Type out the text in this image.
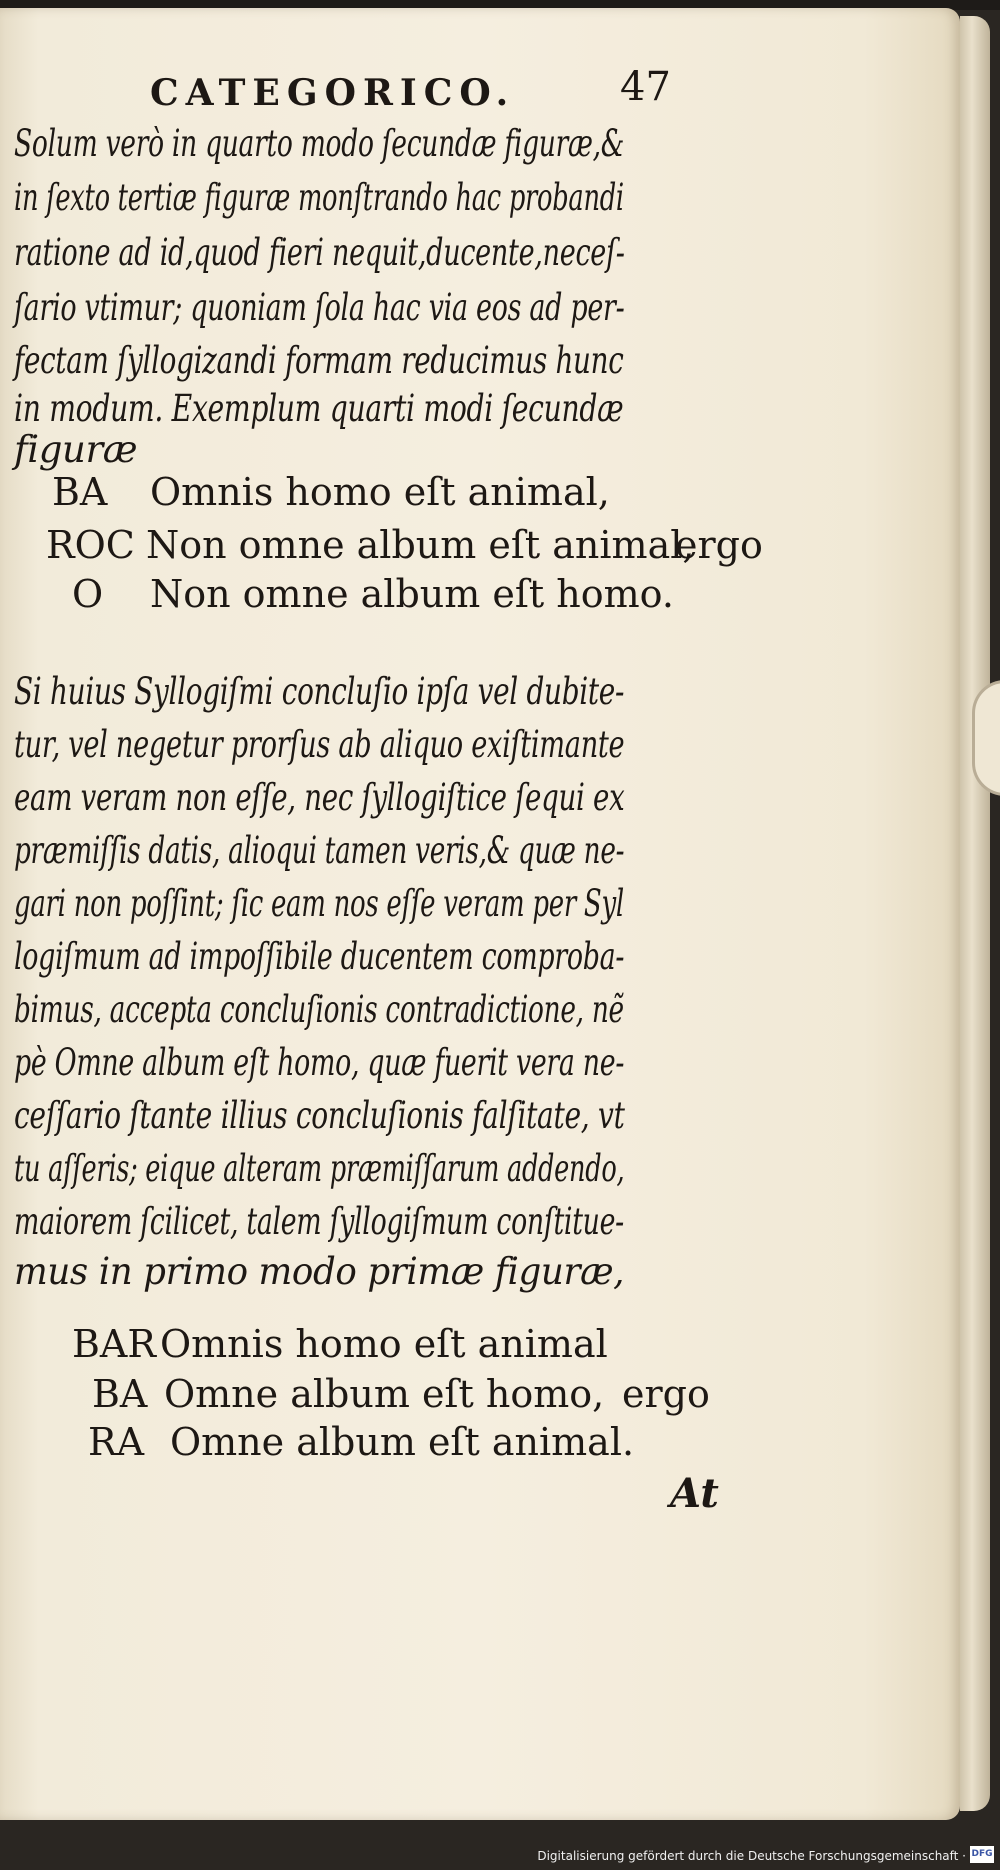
CATEGORICO.	47
Solum verò in quarto modo ſecundæ figuræ,&
in ſexto tertiæ figuræ monſtrando hac probandi
ratione ad id,quod fieri nequit,ducente,neceſ-
ſario vtimur; quoniam ſola hac via eos ad per-
fectam ſyllogizandi formam reducimus hunc
in modum. Exemplum quarti modi ſecundæ
figuræ
BA Omnis homo eſt animal,
ROC Non omne album eſt animal,
ergo
O Non omne album eſt homo.
Si huius Syllogiſmi concluſio ipſa vel dubite-
tur, vel negetur prorſus ab aliquo exiſtimante
eam veram non eſſe, nec ſyllogiſtice ſequi ex
præmiſſis datis, alioqui tamen veris,& quæ ne-
gari non poſſint; ſic eam nos eſſe veram per Syl
logiſmum ad impoſſibile ducentem comproba-
bimus, accepta concluſionis contradictione, nẽ
pè Omne album eſt homo, quæ fuerit vera ne-
ceſſario ſtante illius concluſionis falſitate, vt
tu aſſeris; eique alteram præmiſſarum addendo,
maiorem ſcilicet, talem ſyllogiſmum conſtitue-
mus in primo modo primæ figuræ,
BAR Omnis homo eſt animal
BA Omne album eſt homo, ergo
RA Omne album eſt animal.
At
Digitalisierung gefördert durch die Deutsche Forschungsgemeinschaft · DFG
